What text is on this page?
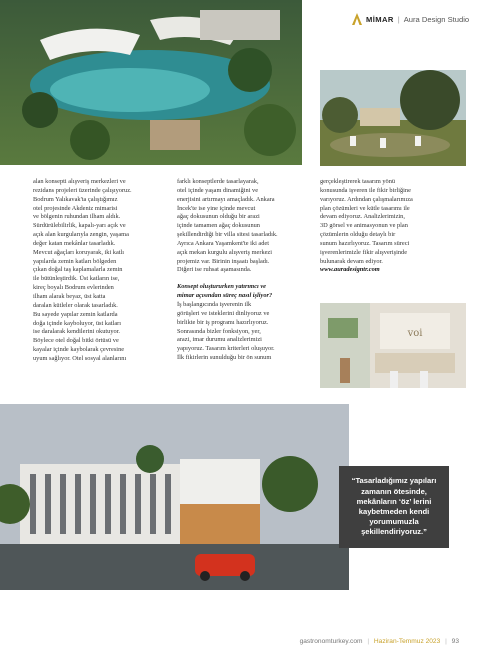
MİMAR | Aura Design Studio
voi

alan konsepti alışveriş merkezleri ve

rezidans projeleri üzerinde çalışıyoruz.

Bodrum Yalıkavak'ta çalıştığımız

otel projesinde Akdeniz mimarisi

ve bölgenin ruhundan ilham aldık.

Sürdürülebilirlik, kapalı-yarı açık ve

açık alan kurgularıyla zengin, yaşama

değer katan mekânlar tasarladık.

Mevcut ağaçları koruyarak, iki katlı

yapılarda zemin katları bölgeden

çıkan doğal taş kaplamalarla zemin

ile bütünleştirdik. Üst katların ise,

kireç boyalı Bodrum evlerinden

ilham alarak beyaz, üst katta

daralan kütleler olarak tasarladık.

Bu sayede yapılar zemin katlarda

doğa içinde kayboluyor, üst katları

ise daralarak kendilerini okutuyor.

Böylece otel doğal bitki örtüsü ve

kayalar içinde kaybolarak çevresine

uyum sağlıyor. Otel sosyal alanlarını

farklı konseptlerde tasarlayarak,

otel içinde yaşam dinamiğini ve

enerjisini artırmayı amaçladık. Ankara

İncek'te ise yine içinde mevcut

ağaç dokusunun olduğu bir arazi

içinde tamamen ağaç dokusunun

şekillendirdiği bir villa sitesi tasarladık.

Ayrıca Ankara Yaşamkent'te iki adet

açık mekan kurgulu alışveriş merkezi

projemiz var. Birinin inşaatı başladı.

Diğeri ise ruhsat aşamasında.

Konsept oluştururken yatırımcı ve

mimar açısından süreç nasıl işliyor?

İş başlangıcında işverenin ilk

görüşleri ve isteklerini dinliyoruz ve

birlikte bir iş programı hazırlıyoruz.

Sonrasında bizler fonksiyon, yer,

arazi, imar durumu analizlerimizi

yapıyoruz. Tasarım kriterleri oluşuyor.

İlk fikirlerin sunulduğu bir ön sunum

gerçekleştirerek tasarım yönü

konusunda işveren ile fikir birliğine

varıyoruz. Ardından çalışmalarımıza

plan çözümleri ve kütle tasarımı ile

devam ediyoruz. Analizlerimizin,

3D görsel ve animasyonun ve plan

çözümlerin olduğu detaylı bir

sunum hazırlıyoruz. Tasarım süreci

işverenlerimizle fikir alışverişinde

bulunarak devam ediyor.

www.auradesigntr.com

“Tasarladığımız yapıları zamanın ötesinde, mekânların ‘öz’ lerini kaybetmeden kendi yorumumuzla şekillendiriyoruz.”
gastronomturkey.com | Haziran-Temmuz 2023 | 93
